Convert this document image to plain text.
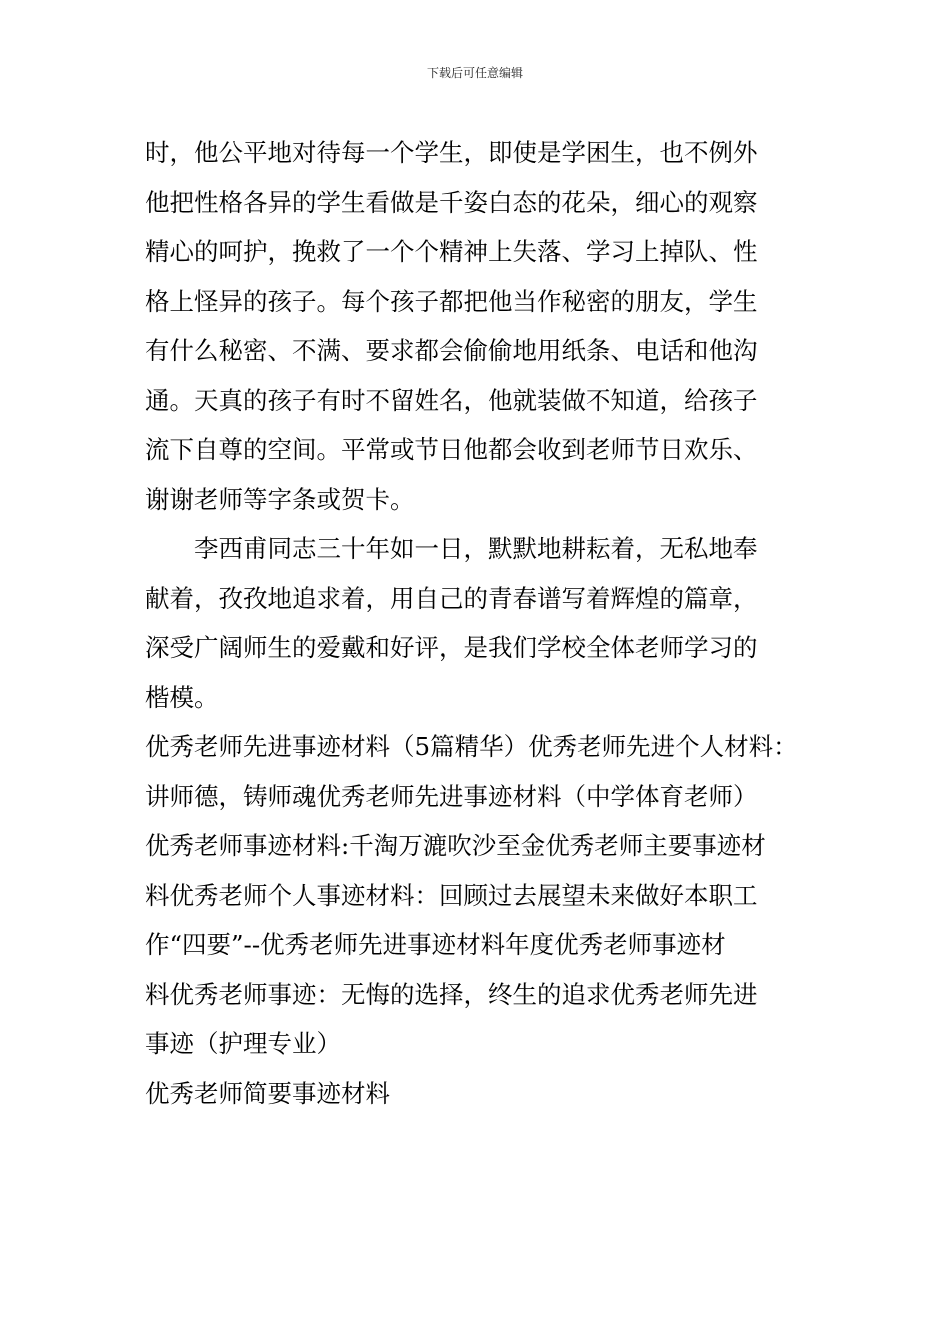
下载后可任意编辑
时，他公平地对待每一个学生，即使是学困生，也不例外
他把性格各异的学生看做是千姿白态的花朵，细心的观察
精心的呵护，挽救了一个个精神上失落、学习上掉队、性
格上怪异的孩子。每个孩子都把他当作秘密的朋友，学生
有什么秘密、不满、要求都会偷偷地用纸条、电话和他沟
通。天真的孩子有时不留姓名，他就装做不知道，给孩子
流下自尊的空间。平常或节日他都会收到老师节日欢乐、
谢谢老师等字条或贺卡。
李西甫同志三十年如一日，默默地耕耘着，无私地奉
献着，孜孜地追求着，用自己的青春谱写着辉煌的篇章，
深受广阔师生的爱戴和好评，是我们学校全体老师学习的
楷模。
优秀老师先进事迹材料（5篇精华）优秀老师先进个人材料：
讲师德，铸师魂优秀老师先进事迹材料（中学体育老师）
优秀老师事迹材料:千淘万漉吹沙至金优秀老师主要事迹材
料优秀老师个人事迹材料：回顾过去展望未来做好本职工
作“四要”--优秀老师先进事迹材料年度优秀老师事迹材
料优秀老师事迹：无悔的选择，终生的追求优秀老师先进
事迹（护理专业）
优秀老师简要事迹材料
